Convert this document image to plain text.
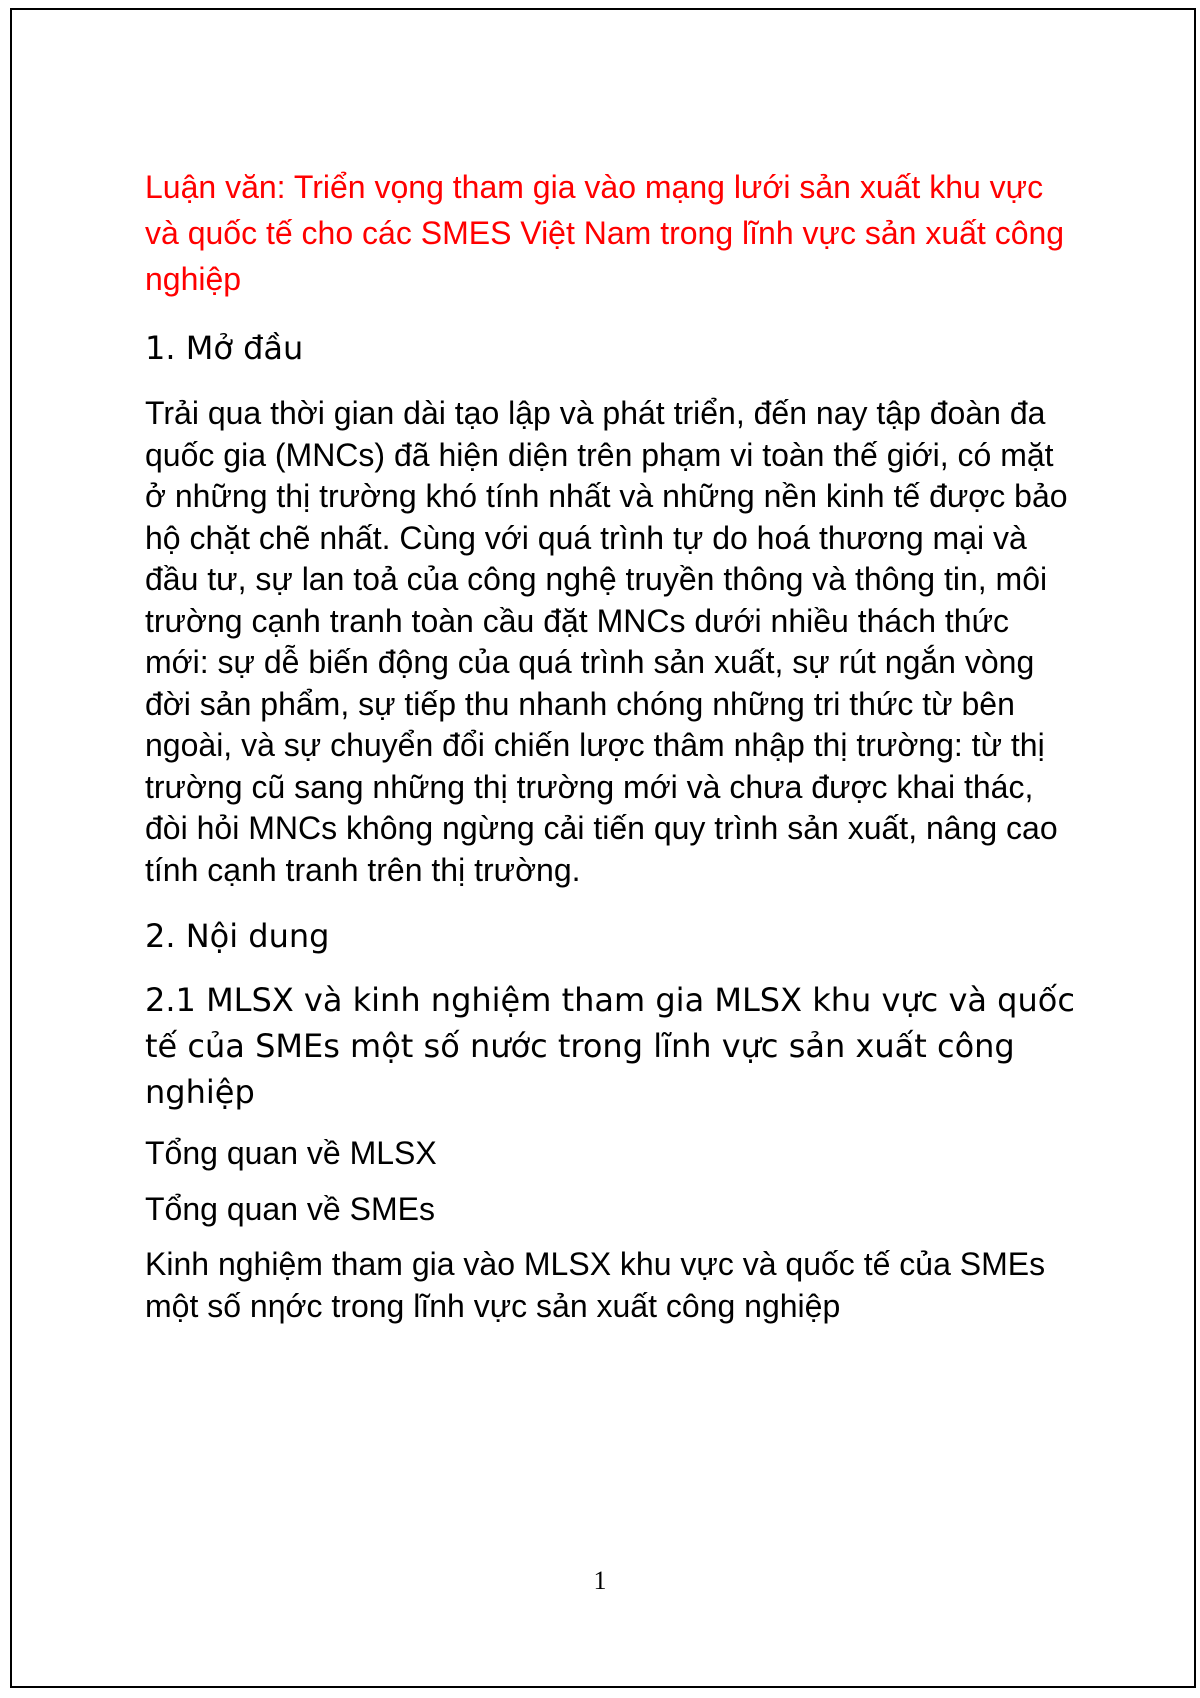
Luận văn: Triển vọng tham gia vào mạng lưới sản xuất khu vực và quốc tế cho các SMES Việt Nam trong lĩnh vực sản xuất công nghiệp
1. Mở đầu

Trải qua thời gian dài tạo lập và phát triển, đến nay tập đoàn đa quốc gia (MNCs) đã hiện diện trên phạm vi toàn thế giới, có mặt ở những thị trường khó tính nhất và những nền kinh tế được bảo hộ chặt chẽ nhất. Cùng với quá trình tự do hoá thương mại và đầu tư, sự lan toả của công nghệ truyền thông và thông tin, môi trường cạnh tranh toàn cầu đặt MNCs dưới nhiều thách thức mới: sự dễ biến động của quá trình sản xuất, sự rút ngắn vòng đời sản phẩm, sự tiếp thu nhanh chóng những tri thức từ bên ngoài, và sự chuyển đổi chiến lược thâm nhập thị trường: từ thị trường cũ sang những thị trường mới và chưa được khai thác, đòi hỏi MNCs không ngừng cải tiến quy trình sản xuất, nâng cao tính cạnh tranh trên thị trường.

2. Nội dung
2.1 MLSX và kinh nghiệm tham gia MLSX khu vực và quốc tế của SMEs một số nước trong lĩnh vực sản xuất công nghiệp

Tổng quan về MLSX

Tổng quan về SMEs

Kinh nghiệm tham gia vào MLSX khu vực và quốc tế của SMEs một số nηớc trong lĩnh vực sản xuất công nghiệp

1
